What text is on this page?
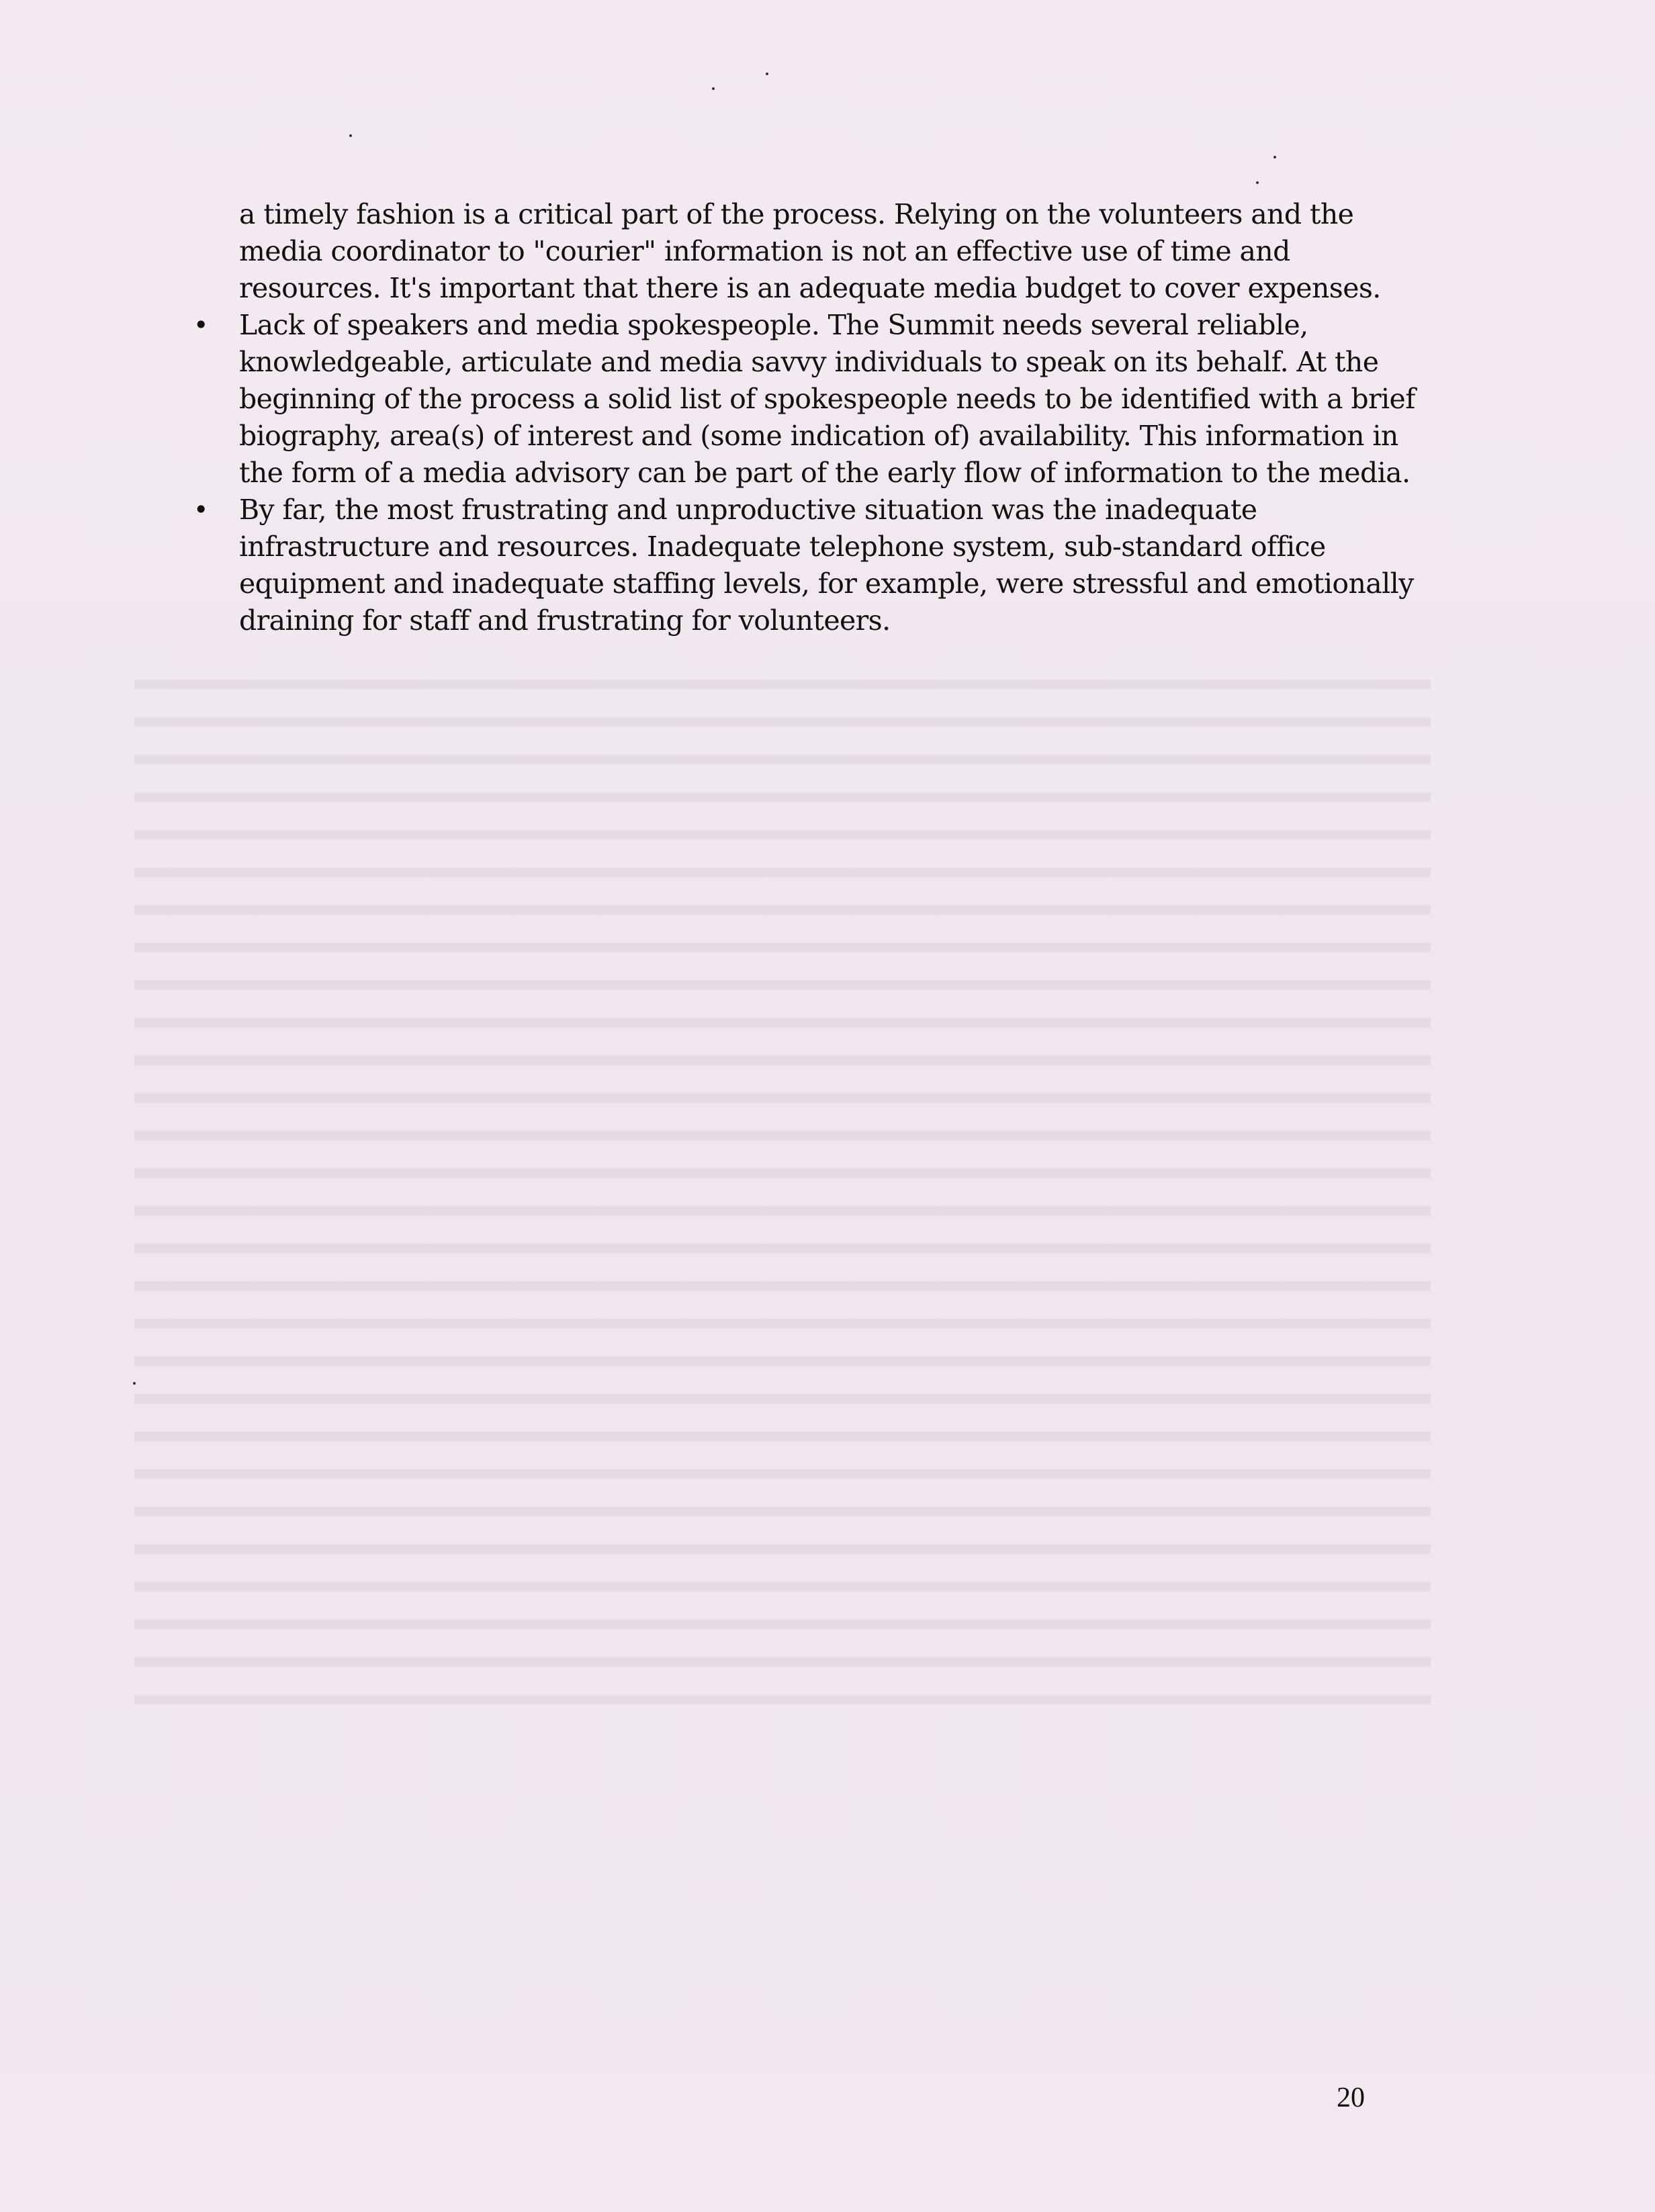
a timely fashion is a critical part of the process. Relying on the volunteers and the media coordinator to "courier" information is not an effective use of time and resources. It's important that there is an adequate media budget to cover expenses.

• Lack of speakers and media spokespeople. The Summit needs several reliable, knowledgeable, articulate and media savvy individuals to speak on its behalf. At the beginning of the process a solid list of spokespeople needs to be identified with a brief biography, area(s) of interest and (some indication of) availability. This information in the form of a media advisory can be part of the early flow of information to the media.
• By far, the most frustrating and unproductive situation was the inadequate infrastructure and resources. Inadequate telephone system, sub-standard office equipment and inadequate staffing levels, for example, were stressful and emotionally draining for staff and frustrating for volunteers.
20
